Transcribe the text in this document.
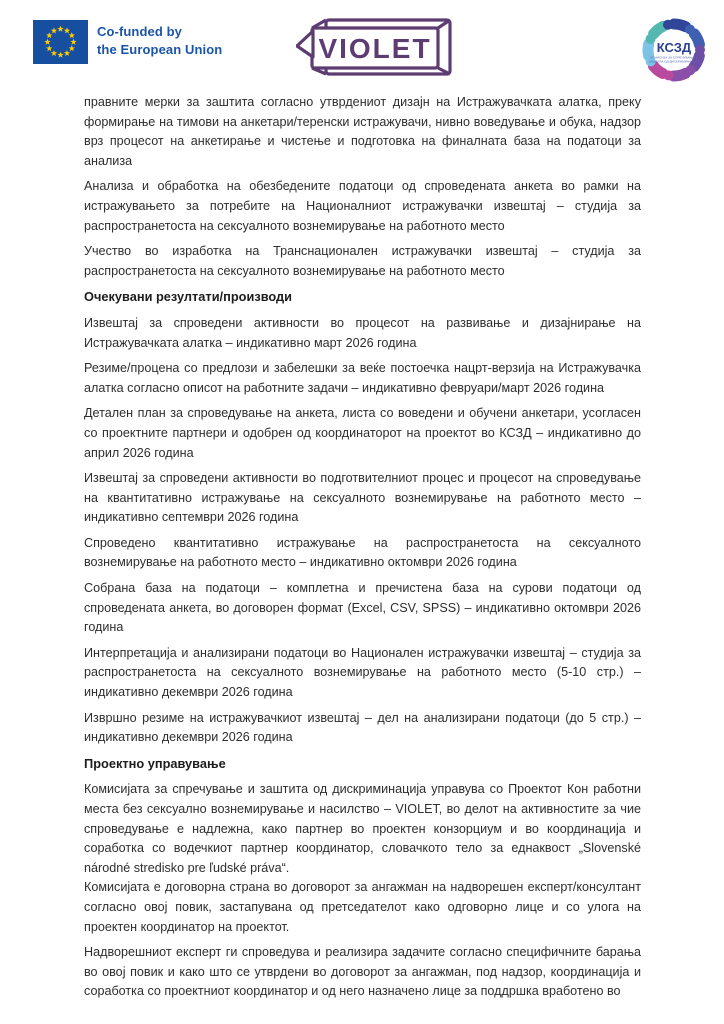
Co-funded by
the European Union	VIOLET	КСЗД
КОМИСИЈА ЗА СПРЕЧУВАЊЕ И
ЗАШТИТА ОД ДИСКРИМИНАЦИЈА

правните мерки за заштита согласно утврдениот дизајн на Истражувачката алатка, преку формирање на тимови на анкетари/теренски истражувачи, нивно воведување и обука, надзор врз процесот на анкетирање и чистење и подготовка на финалната база на податоци за анализа

Анализа и обработка на обезбедените податоци од спроведената анкета во рамки на истражувањето за потребите на Националниот истражувачки извештај – студија за распространетоста на сексуалното вознемирување на работното место

Учество во изработка на Транснационален истражувачки извештај – студија за распространетоста на сексуалното вознемирување на работното место

Очекувани резултати/производи

Извештај за спроведени активности во процесот на развивање и дизајнирање на Истражувачката алатка – индикативно март 2026 година

Резиме/процена со предлози и забелешки за веќе постоечка нацрт-верзија на Истражувачка алатка согласно описот на работните задачи – индикативно февруари/март 2026 година

Детален план за спроведување на анкета, листа со воведени и обучени анкетари, усогласен со проектните партнери и одобрен од координаторот на проектот во КСЗД – индикативно до април 2026 година

Извештај за спроведени активности во подготвителниот процес и процесот на спроведување на квантитативно истражување на сексуалното вознемирување на работното место – индикативно септември 2026 година

Спроведено квантитативно истражување на распространетоста на сексуалното вознемирување на работното место – индикативно октомври 2026 година

Собрана база на податоци – комплетна и пречистена база на сурови податоци од спроведената анкета, во договорен формат (Excel, CSV, SPSS) – индикативно октомври 2026 година

Интерпретација и анализирани податоци во Национален истражувачки извештај – студија за распространетоста на сексуалното вознемирување на работното место (5-10 стр.) – индикативно декември 2026 година

Извршно резиме на истражувачкиот извештај – дел на анализирани податоци (до 5 стр.) – индикативно декември 2026 година

Проектно управување

Комисијата за спречување и заштита од дискриминација управува со Проектот Кон работни места без сексуално вознемирување и насилство – VIOLET, во делот на активностите за чие спроведување е надлежна, како партнер во проектен конзорциум и во координација и соработка со водечкиот партнер координатор, словачкото тело за еднаквост „Slovenské národné stredisko pre ľudské práva“.

Комисијата е договорна страна во договорот за ангажман на надворешен експерт/консултант согласно овој повик, застапувана од претседателот како одговорно лице и со улога на проектен координатор на проектот.

Надворешниот експерт ги спроведува и реализира задачите согласно специфичните барања во овој повик и како што се утврдени во договорот за ангажман, под надзор, координација и соработка со проектниот координатор и од него назначено лице за поддршка вработено во
